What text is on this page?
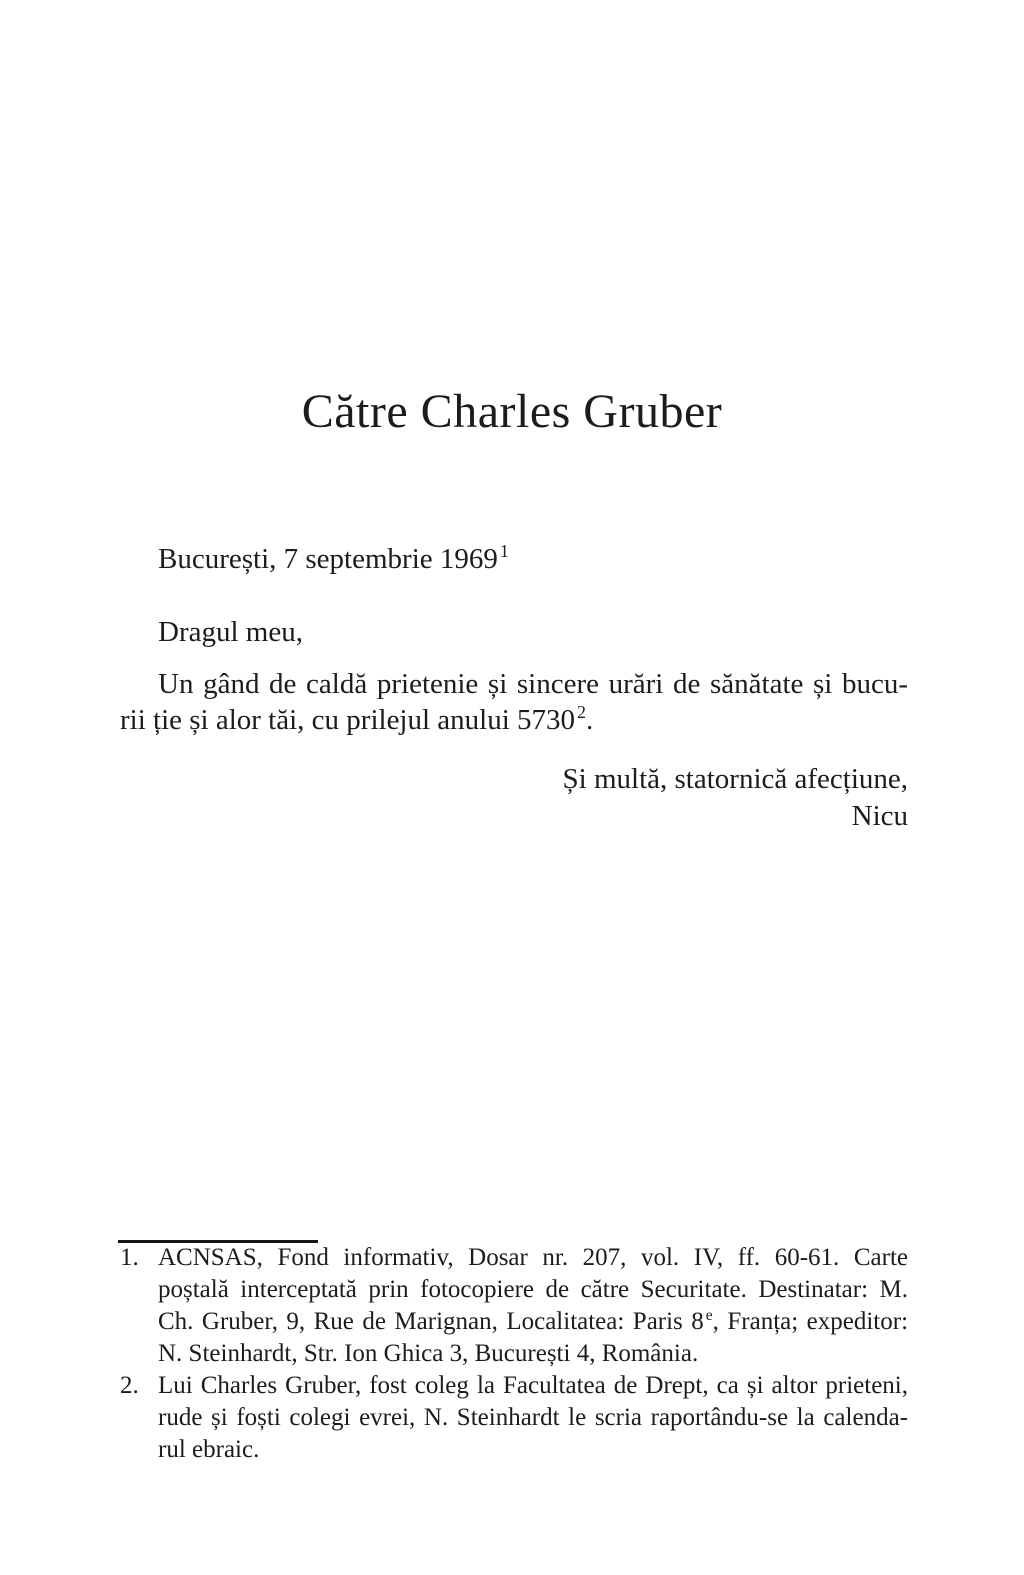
Către Charles Gruber
București, 7 septembrie 1969 $^1$
Dragul meu,
Un gând de caldă prietenie și sincere urări de sănătate și bucu-
rii ție și alor tăi, cu prilejul anului 5730 $^2$.
Și multă, statornică afecțiune,
Nicu
1. ACNSAS, Fond informativ, Dosar nr. 207, vol. IV, ff. 60-61. Carte
poștală interceptată prin fotocopiere de către Securitate. Destinatar: M.
Ch. Gruber, 9, Rue de Marignan, Localitatea: Paris 8 $^e$, Franța; expeditor:
N. Steinhardt, Str. Ion Ghica 3, București 4, România.
2. Lui Charles Gruber, fost coleg la Facultatea de Drept, ca și altor prieteni,
rude și foști colegi evrei, N. Steinhardt le scria raportându-se la calenda-
rul ebraic.
